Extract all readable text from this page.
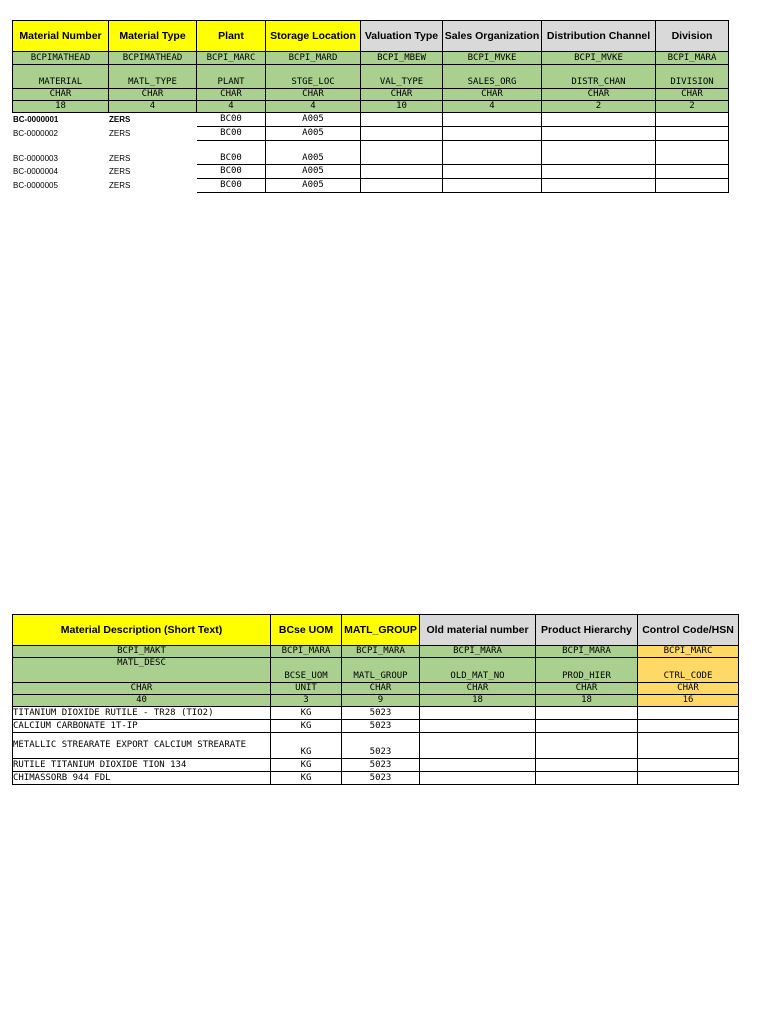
Material Number	Material Type	Plant	Storage Location	Valuation Type	Sales Organization	Distribution Channel	Division
BCPIMATHEAD	BCPIMATHEAD	BCPI_MARC	BCPI_MARD	BCPI_MBEW	BCPI_MVKE	BCPI_MVKE	BCPI_MARA
MATERIAL	MATL_TYPE	PLANT	STGE_LOC	VAL_TYPE	SALES_ORG	DISTR_CHAN	DIVISION
CHAR	CHAR	CHAR	CHAR	CHAR	CHAR	CHAR	CHAR
18	4	4	4	10	4	2	2
BC-0000001	ZERS	BC00	A005				
BC-0000002	ZERS	BC00	A005				
BC-0000003	ZERS	BC00	A005				
BC-0000004	ZERS	BC00	A005				
BC-0000005	ZERS	BC00	A005				
Material Description (Short Text)	BCse UOM	MATL_GROUP	Old material number	Product Hierarchy	Control Code/HSN
BCPI_MAKT	BCPI_MARA	BCPI_MARA	BCPI_MARA	BCPI_MARA	BCPI_MARC
MATL_DESC	BCSE_UOM	MATL_GROUP	OLD_MAT_NO	PROD_HIER	CTRL_CODE
CHAR	UNIT	CHAR	CHAR	CHAR	CHAR
40	3	9	18	18	16
TITANIUM DIOXIDE RUTILE - TR28 (TIO2)	KG	5023			
CALCIUM CARBONATE 1T-IP	KG	5023			
METALLIC STREARATE EXPORT CALCIUM STREARATE	KG	5023			
RUTILE TITANIUM DIOXIDE TION 134	KG	5023			
CHIMASSORB 944 FDL	KG	5023			
